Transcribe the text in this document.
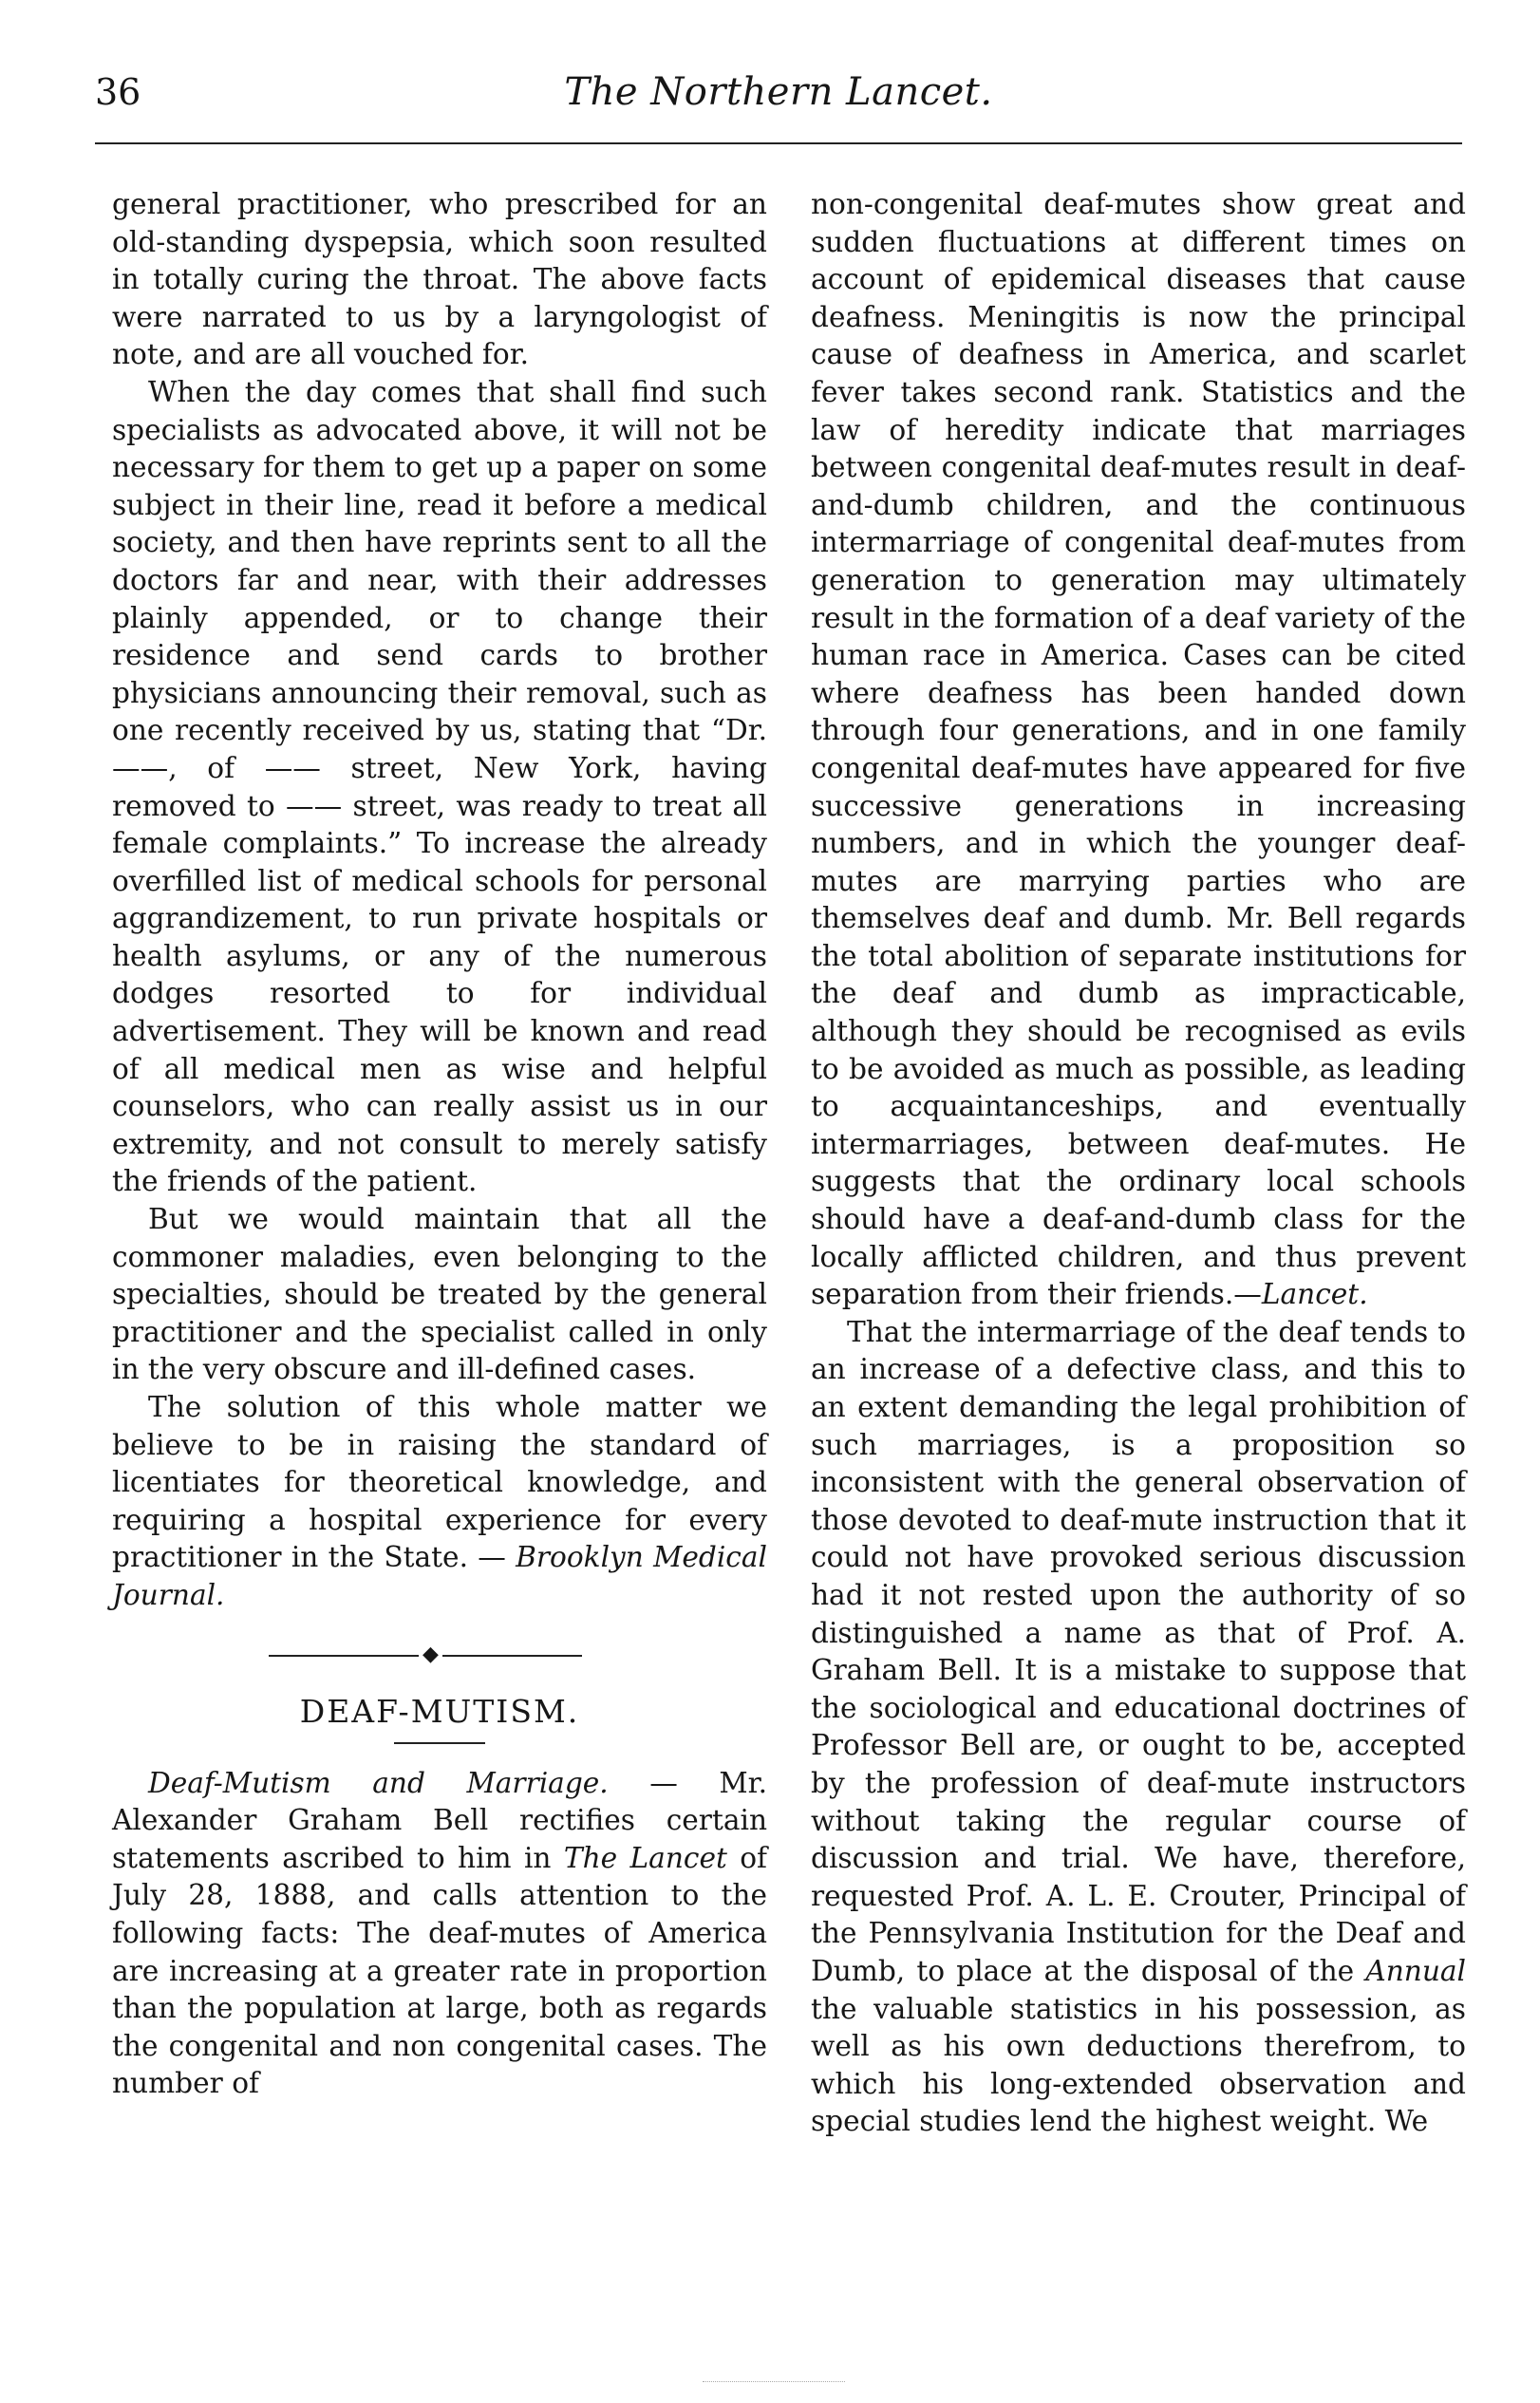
36	The Northern Lancet.

general practitioner, who prescribed for an old-standing dyspepsia, which soon resulted in totally curing the throat. The above facts were narrated to us by a laryngologist of note, and are all vouched for.

When the day comes that shall find such specialists as advocated above, it will not be necessary for them to get up a paper on some subject in their line, read it before a medical society, and then have reprints sent to all the doctors far and near, with their addresses plainly appended, or to change their residence and send cards to brother physicians announcing their removal, such as one recently received by us, stating that “Dr. ——, of —— street, New York, having removed to —— street, was ready to treat all female complaints.” To increase the already overfilled list of medical schools for personal aggrandizement, to run private hospitals or health asylums, or any of the numerous dodges resorted to for individual advertisement. They will be known and read of all medical men as wise and helpful counselors, who can really assist us in our extremity, and not consult to merely satisfy the friends of the patient.

But we would maintain that all the commoner maladies, even belonging to the specialties, should be treated by the general practitioner and the specialist called in only in the very obscure and ill-defined cases.

The solution of this whole matter we believe to be in raising the standard of licentiates for theoretical knowledge, and requiring a hospital experience for every practitioner in the State. — Brooklyn Medical Journal.

◆
DEAF-MUTISM.

Deaf-Mutism and Marriage. — Mr. Alexander Graham Bell rectifies certain statements ascribed to him in The Lancet of July 28, 1888, and calls attention to the following facts: The deaf-mutes of America are increasing at a greater rate in proportion than the population at large, both as regards the congenital and non congenital cases. The number of

non-congenital deaf-mutes show great and sudden fluctuations at different times on account of epidemical diseases that cause deafness. Meningitis is now the principal cause of deafness in America, and scarlet fever takes second rank. Statistics and the law of heredity indicate that marriages between congenital deaf-mutes result in deaf-and-dumb children, and the continuous intermarriage of congenital deaf-mutes from generation to generation may ultimately result in the formation of a deaf variety of the human race in America. Cases can be cited where deafness has been handed down through four generations, and in one family congenital deaf-mutes have appeared for five successive generations in increasing numbers, and in which the younger deaf-mutes are marrying parties who are themselves deaf and dumb. Mr. Bell regards the total abolition of separate institutions for the deaf and dumb as impracticable, although they should be recognised as evils to be avoided as much as possible, as leading to acquaintanceships, and eventually intermarriages, between deaf-mutes. He suggests that the ordinary local schools should have a deaf-and-dumb class for the locally afflicted children, and thus prevent separation from their friends.—Lancet.

That the intermarriage of the deaf tends to an increase of a defective class, and this to an extent demanding the legal prohibition of such marriages, is a proposition so inconsistent with the general observation of those devoted to deaf-mute instruction that it could not have provoked serious discussion had it not rested upon the authority of so distinguished a name as that of Prof. A. Graham Bell. It is a mistake to suppose that the sociological and educational doctrines of Professor Bell are, or ought to be, accepted by the profession of deaf-mute instructors without taking the regular course of discussion and trial. We have, therefore, requested Prof. A. L. E. Crouter, Principal of the Pennsylvania Institution for the Deaf and Dumb, to place at the disposal of the Annual the valuable statistics in his possession, as well as his own deductions therefrom, to which his long-extended observation and special studies lend the highest weight. We
